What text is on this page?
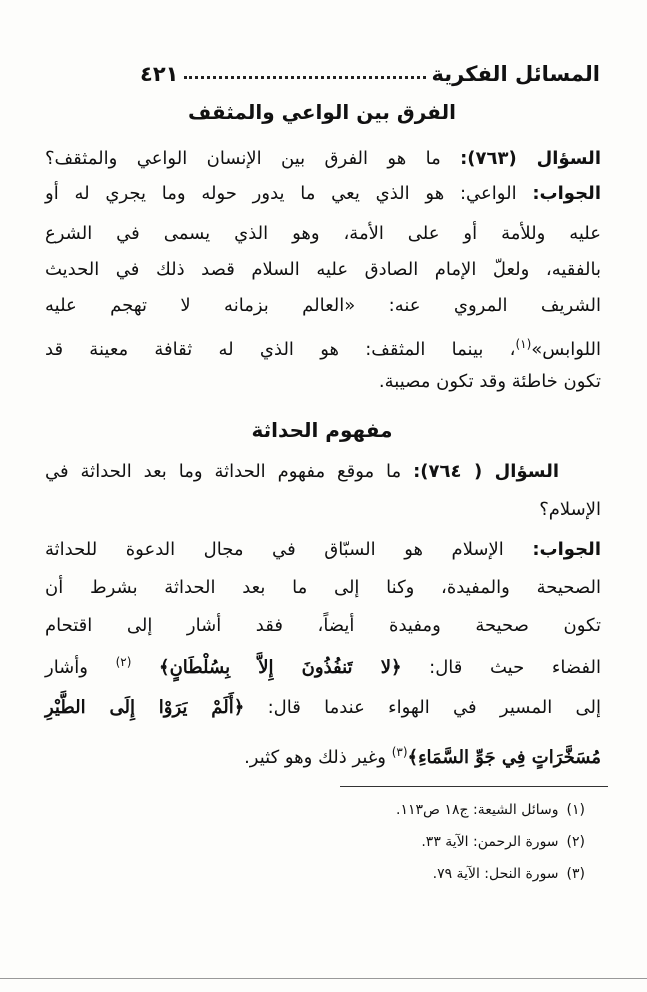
المسائل الفكرية
٤٢١
الفرق بين الواعي والمثقف
السؤال (٧٦٣): ما هو الفرق بين الإنسان الواعي والمثقف؟
الجواب: الواعي: هو الذي يعي ما يدور حوله وما يجري له أو
عليه وللأمة أو على الأمة، وهو الذي يسمى في الشرع
بالفقيه، ولعلّ الإمام الصادق عليه السلام قصد ذلك في الحديث
الشريف المروي عنه: «العالم بزمانه لا تهجم عليه
اللوابس»$^{(١)}$، بينما المثقف: هو الذي له ثقافة معينة قد
تكون خاطئة وقد تكون مصيبة.
مفهوم الحداثة
السؤال ( ٧٦٤): ما موقع مفهوم الحداثة وما بعد الحداثة في
الإسلام؟
الجواب: الإسلام هو السبّاق في مجال الدعوة للحداثة
الصحيحة والمفيدة، وكنا إلى ما بعد الحداثة بشرط أن
تكون صحيحة ومفيدة أيضاً، فقد أشار إلى اقتحام
الفضاء حيث قال: ﴿لا تَنفُذُونَ إِلاَّ بِسُلْطَانٍ﴾ $^{(٢)}$ وأشار
إلى المسير في الهواء عندما قال: ﴿أَلَمْ يَرَوْا إِلَى الطَّيْرِ
مُسَخَّرَاتٍ فِي جَوِّ السَّمَاءِ﴾$^{(٣)}$ وغير ذلك وهو كثير.
(١)وسائل الشيعة: ج١٨ ص١١٣.
(٢)سورة الرحمن: الآية ٣٣.
(٣)سورة النحل: الآية ٧٩.
